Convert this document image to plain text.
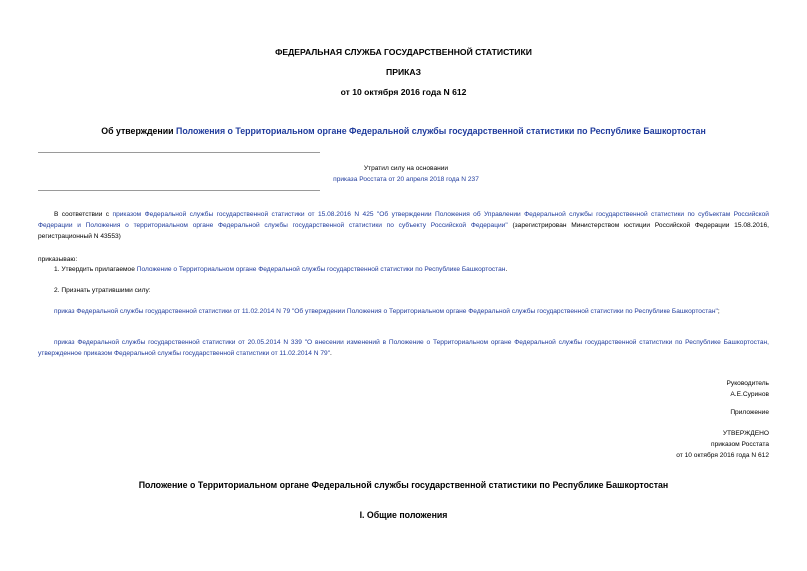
ФЕДЕРАЛЬНАЯ СЛУЖБА ГОСУДАРСТВЕННОЙ СТАТИСТИКИ
ПРИКАЗ
от 10 октября 2016 года N 612
Об утверждении Положения о Территориальном органе Федеральной службы государственной статистики по Республике Башкортостан
Утратил силу на основании
приказа Росстата от 20 апреля 2018 года N 237
В соответствии с приказом Федеральной службы государственной статистики от 15.08.2016 N 425 "Об утверждении Положения об Управлении Федеральной службы государственной статистики по субъектам Российской Федерации и Положения о территориальном органе Федеральной службы государственной статистики по субъекту Российской Федерации" (зарегистрирован Министерством юстиции Российской Федерации 15.08.2016, регистрационный N 43553)
приказываю:
1. Утвердить прилагаемое Положение о Территориальном органе Федеральной службы государственной статистики по Республике Башкортостан.
2. Признать утратившими силу:
приказ Федеральной службы государственной статистики от 11.02.2014 N 79 "Об утверждении Положения о Территориальном органе Федеральной службы государственной статистики по Республике Башкортостан";
приказ Федеральной службы государственной статистики от 20.05.2014 N 339 "О внесении изменений в Положение о Территориальном органе Федеральной службы государственной статистики по Республике Башкортостан, утвержденное приказом Федеральной службы государственной статистики от 11.02.2014 N 79".
Руководитель
А.Е.Суринов
Приложение
УТВЕРЖДЕНО
приказом Росстата
от 10 октября 2016 года N 612
Положение о Территориальном органе Федеральной службы государственной статистики по Республике Башкортостан
I. Общие положения
